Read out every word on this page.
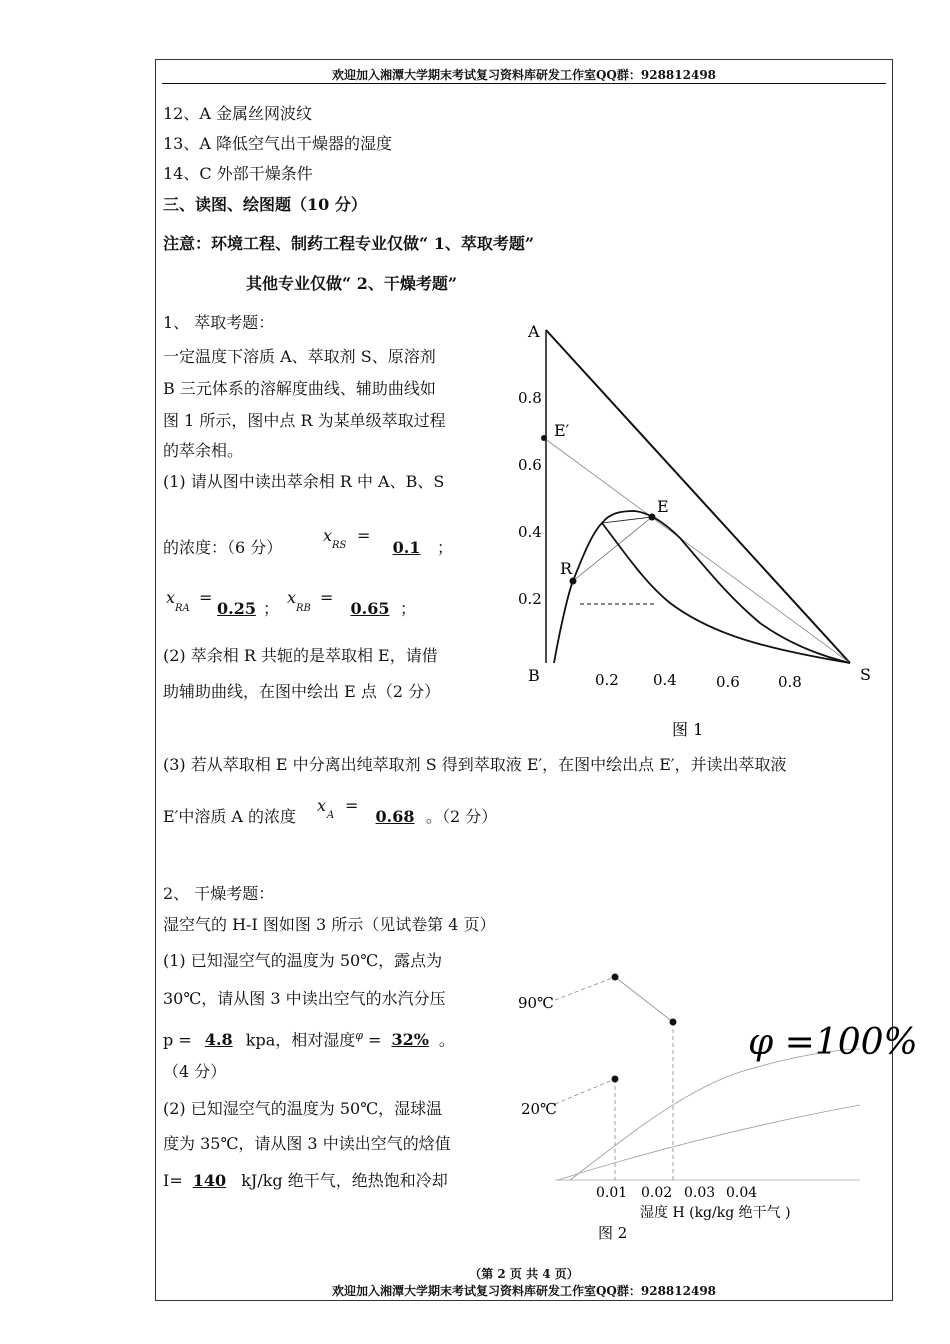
欢迎加入湘潭大学期末考试复习资料库研发工作室QQ群：928812498
12、A 金属丝网波纹
13、A 降低空气出干燥器的湿度
14、C 外部干燥条件
三、读图、绘图题（10 分）
注意：环境工程、制药工程专业仅做“ 1、萃取考题”
其他专业仅做“ 2、干燥考题”
1、 萃取考题：
一定温度下溶质 A、萃取剂 S、原溶剂
B 三元体系的溶解度曲线、辅助曲线如
图 1 所示，图中点 R 为某单级萃取过程
的萃余相。
(1) 请从图中读出萃余相 R 中 A、B、S
的浓度：（6 分）
x
RS
=
0.1	；
x
RA
=
0.25 ；
x
RB
=
0.65 ；
(2) 萃余相 R 共轭的是萃取相 E，请借
助辅助曲线，在图中绘出 E 点（2 分）
(3) 若从萃取相 E 中分离出纯萃取剂 S 得到萃取液 E′，在图中绘出点 E′，并读出萃取液
E′中溶质 A 的浓度
x
A
=
0.68 。（2 分）
A
B	S
E
E′
R
0.2
0.4
0.6
0.8
0.2 0.4	0.6	0.8
图 1
2、 干燥考题：
湿空气的 H-I 图如图 3 所示（见试卷第 4 页）
(1) 已知湿空气的温度为 50℃，露点为
30℃，请从图 3 中读出空气的水汽分压
p = 4.8 kpa，相对湿度$^\varphi$ = 32% 。
（4 分）
(2) 已知湿空气的温度为 50℃，湿球温
度为 35℃，请从图 3 中读出空气的焓值
I= 140 kJ/kg 绝干气，绝热饱和冷却
90℃
20℃
φ =100%
0.01 0.02 0.03 0.04
湿度 H (kg/kg 绝干气 )
图 2
（第 2 页 共 4 页）
欢迎加入湘潭大学期末考试复习资料库研发工作室QQ群：928812498
